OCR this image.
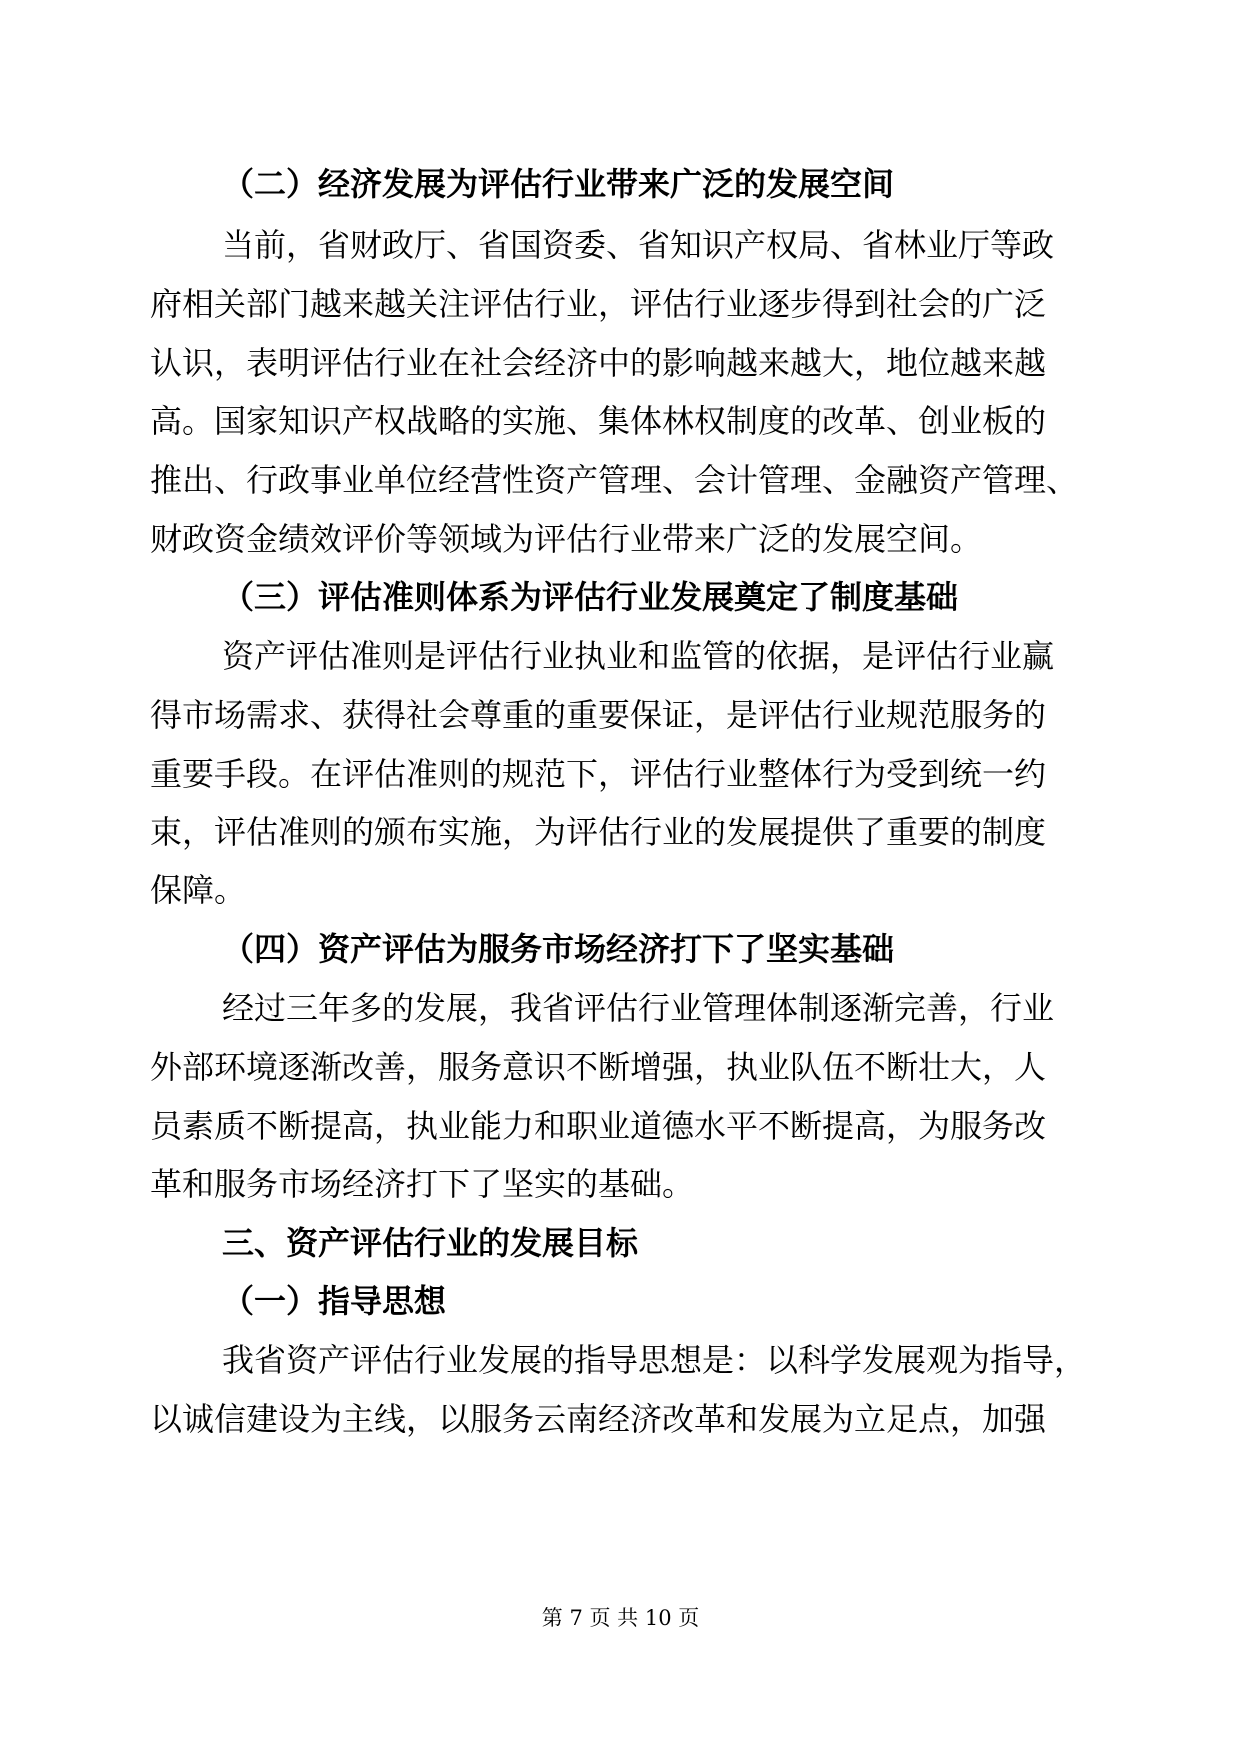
（二）经济发展为评估行业带来广泛的发展空间
当前，省财政厅、省国资委、省知识产权局、省林业厅等政
府相关部门越来越关注评估行业，评估行业逐步得到社会的广泛
认识，表明评估行业在社会经济中的影响越来越大，地位越来越
高。国家知识产权战略的实施、集体林权制度的改革、创业板的
推出、行政事业单位经营性资产管理、会计管理、金融资产管理、
财政资金绩效评价等领域为评估行业带来广泛的发展空间。
（三）评估准则体系为评估行业发展奠定了制度基础
资产评估准则是评估行业执业和监管的依据，是评估行业赢
得市场需求、获得社会尊重的重要保证，是评估行业规范服务的
重要手段。在评估准则的规范下，评估行业整体行为受到统一约
束，评估准则的颁布实施，为评估行业的发展提供了重要的制度
保障。
（四）资产评估为服务市场经济打下了坚实基础
经过三年多的发展，我省评估行业管理体制逐渐完善，行业
外部环境逐渐改善，服务意识不断增强，执业队伍不断壮大，人
员素质不断提高，执业能力和职业道德水平不断提高，为服务改
革和服务市场经济打下了坚实的基础。
三、资产评估行业的发展目标
（一）指导思想
我省资产评估行业发展的指导思想是：以科学发展观为指导，
以诚信建设为主线，以服务云南经济改革和发展为立足点，加强
第 7 页 共 10 页
